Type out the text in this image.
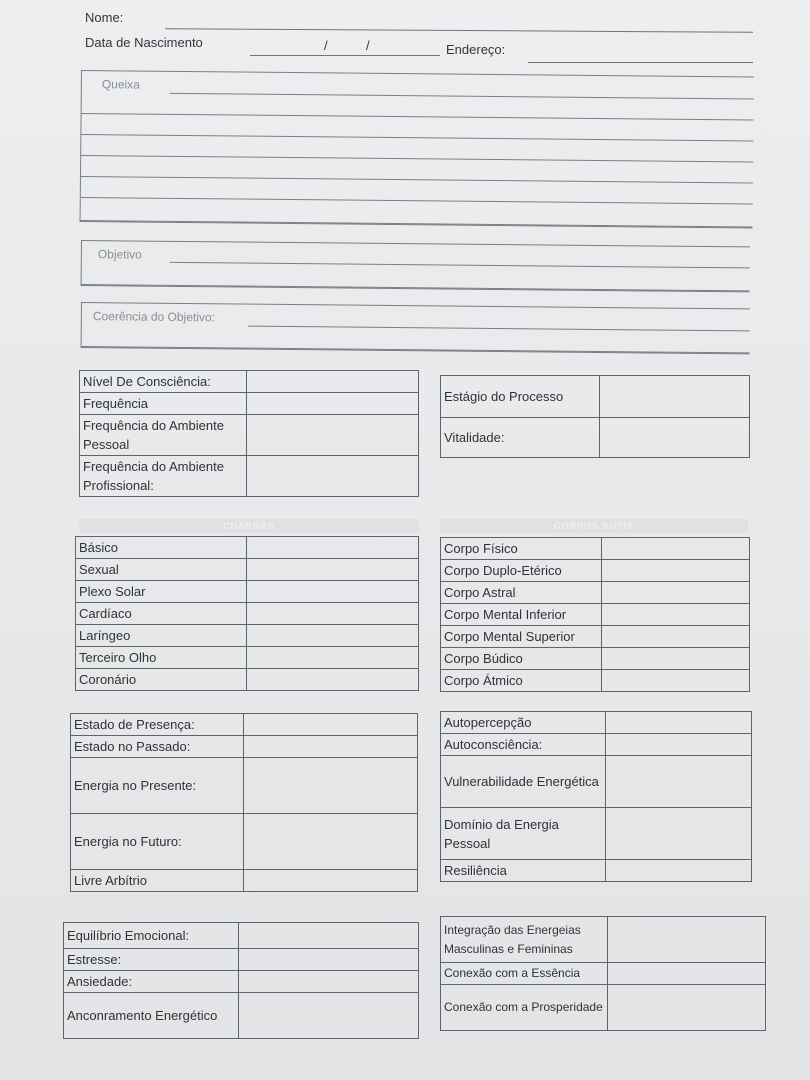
Nome:
Data de Nascimento	/	/	Endereço:
Queixa
Objetivo
Coerência do Objetivo:
Nível De Consciência:	
Frequência	
Frequência do Ambiente Pessoal	
Frequência do Ambiente Profissional:	
Estágio do Processo	
Vitalidade:	
CHAKRAS	CORPOS SUTIS
Básico	
Sexual	
Plexo Solar	
Cardíaco	
Laríngeo	
Terceiro Olho	
Coronário	
Corpo Físico	
Corpo Duplo-Etérico	
Corpo Astral	
Corpo Mental Inferior	
Corpo Mental Superior	
Corpo Búdico	
Corpo Átmico	
Estado de Presença:	
Estado no Passado:	
Energia no Presente:	
Energia no Futuro:	
Livre Arbítrio	
Autopercepção	
Autoconsciência:	
Vulnerabilidade Energética	
Domínio da Energia Pessoal	
Resiliência	
Equilíbrio Emocional:	
Estresse:	
Ansiedade:	
Anconramento Energético	
Integração das Energeias Masculinas e Femininas	
Conexão com a Essência	
Conexão com a Prosperidade	
